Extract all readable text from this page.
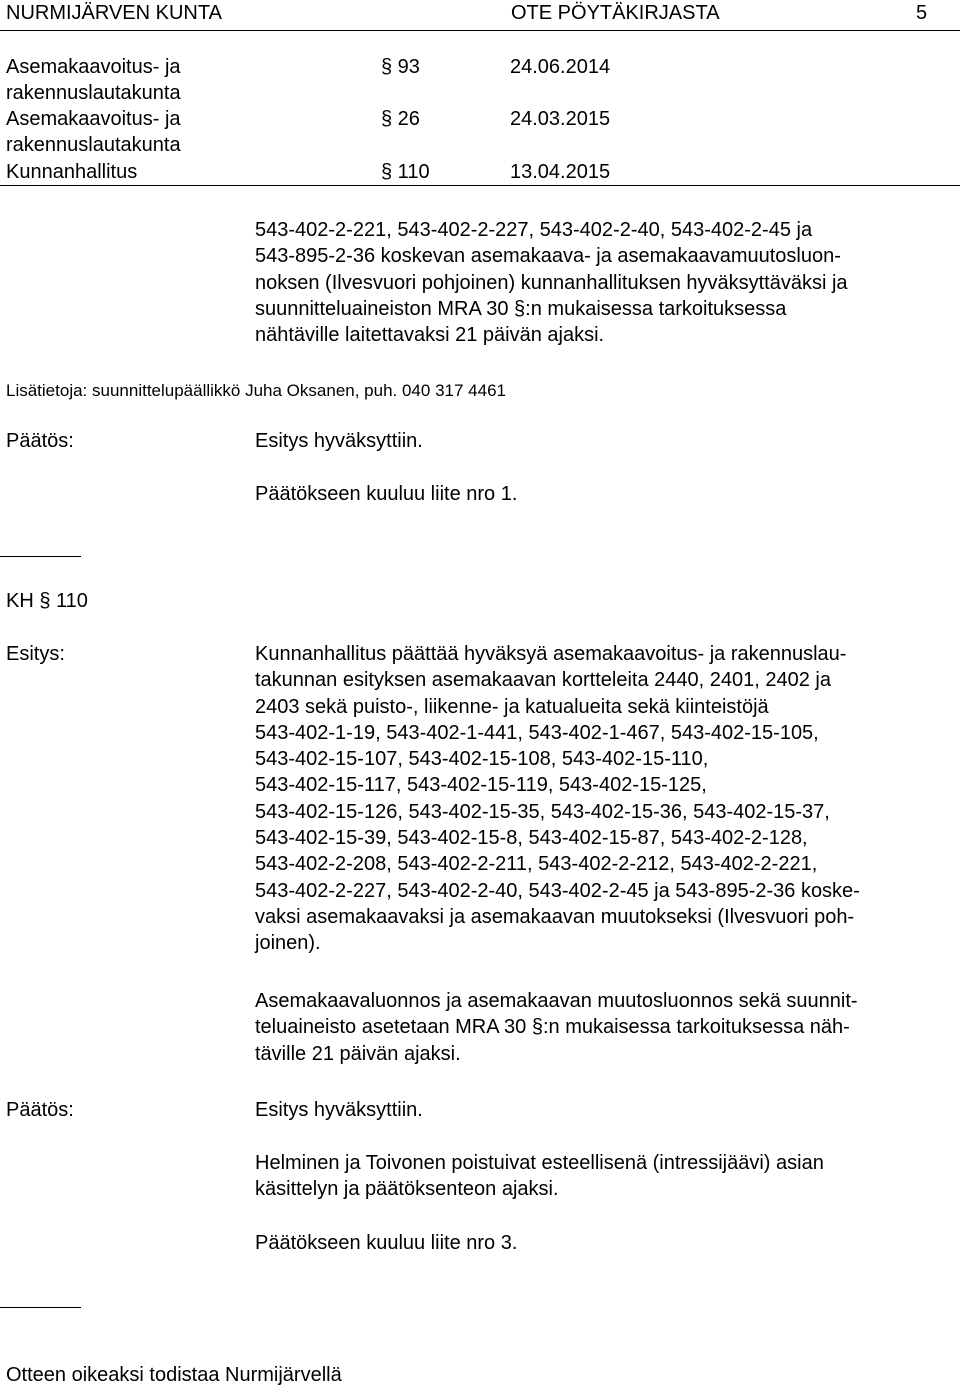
NURMIJÄRVEN KUNTA	OTE PÖYTÄKIRJASTA	5
Asemakaavoitus- ja
rakennuslautakunta
§ 93	24.06.2014
Asemakaavoitus- ja
rakennuslautakunta
§ 26	24.03.2015
Kunnanhallitus	§ 110	13.04.2015
543-402-2-221, 543-402-2-227, 543-402-2-40, 543-402-2-45 ja
543-895-2-36 koskevan asemakaava- ja asemakaavamuutosluon-
noksen (Ilvesvuori pohjoinen) kunnanhallituksen hyväksyttäväksi ja
suunnitteluaineiston MRA 30 §:n mukaisessa tarkoituksessa
nähtäville laitettavaksi 21 päivän ajaksi.
Lisätietoja: suunnittelupäällikkö Juha Oksanen, puh. 040 317 4461
Päätös:	Esitys hyväksyttiin.
Päätökseen kuuluu liite nro 1.
KH § 110
Esitys:	Kunnanhallitus päättää hyväksyä asemakaavoitus- ja rakennuslau-
takunnan esityksen asemakaavan kortteleita 2440, 2401, 2402 ja
2403 sekä puisto-, liikenne- ja katualueita sekä kiinteistöjä
543-402-1-19, 543-402-1-441, 543-402-1-467, 543-402-15-105,
543-402-15-107, 543-402-15-108, 543-402-15-110,
543-402-15-117, 543-402-15-119, 543-402-15-125,
543-402-15-126, 543-402-15-35, 543-402-15-36, 543-402-15-37,
543-402-15-39, 543-402-15-8, 543-402-15-87, 543-402-2-128,
543-402-2-208, 543-402-2-211, 543-402-2-212, 543-402-2-221,
543-402-2-227, 543-402-2-40, 543-402-2-45 ja 543-895-2-36 koske-
vaksi asemakaavaksi ja asemakaavan muutokseksi (Ilvesvuori poh-
joinen).
Asemakaavaluonnos ja asemakaavan muutosluonnos sekä suunnit-
teluaineisto asetetaan MRA 30 §:n mukaisessa tarkoituksessa näh-
täville 21 päivän ajaksi.
Päätös:	Esitys hyväksyttiin.
Helminen ja Toivonen poistuivat esteellisenä (intressijäävi) asian
käsittelyn ja päätöksenteon ajaksi.
Päätökseen kuuluu liite nro 3.
Otteen oikeaksi todistaa Nurmijärvellä
